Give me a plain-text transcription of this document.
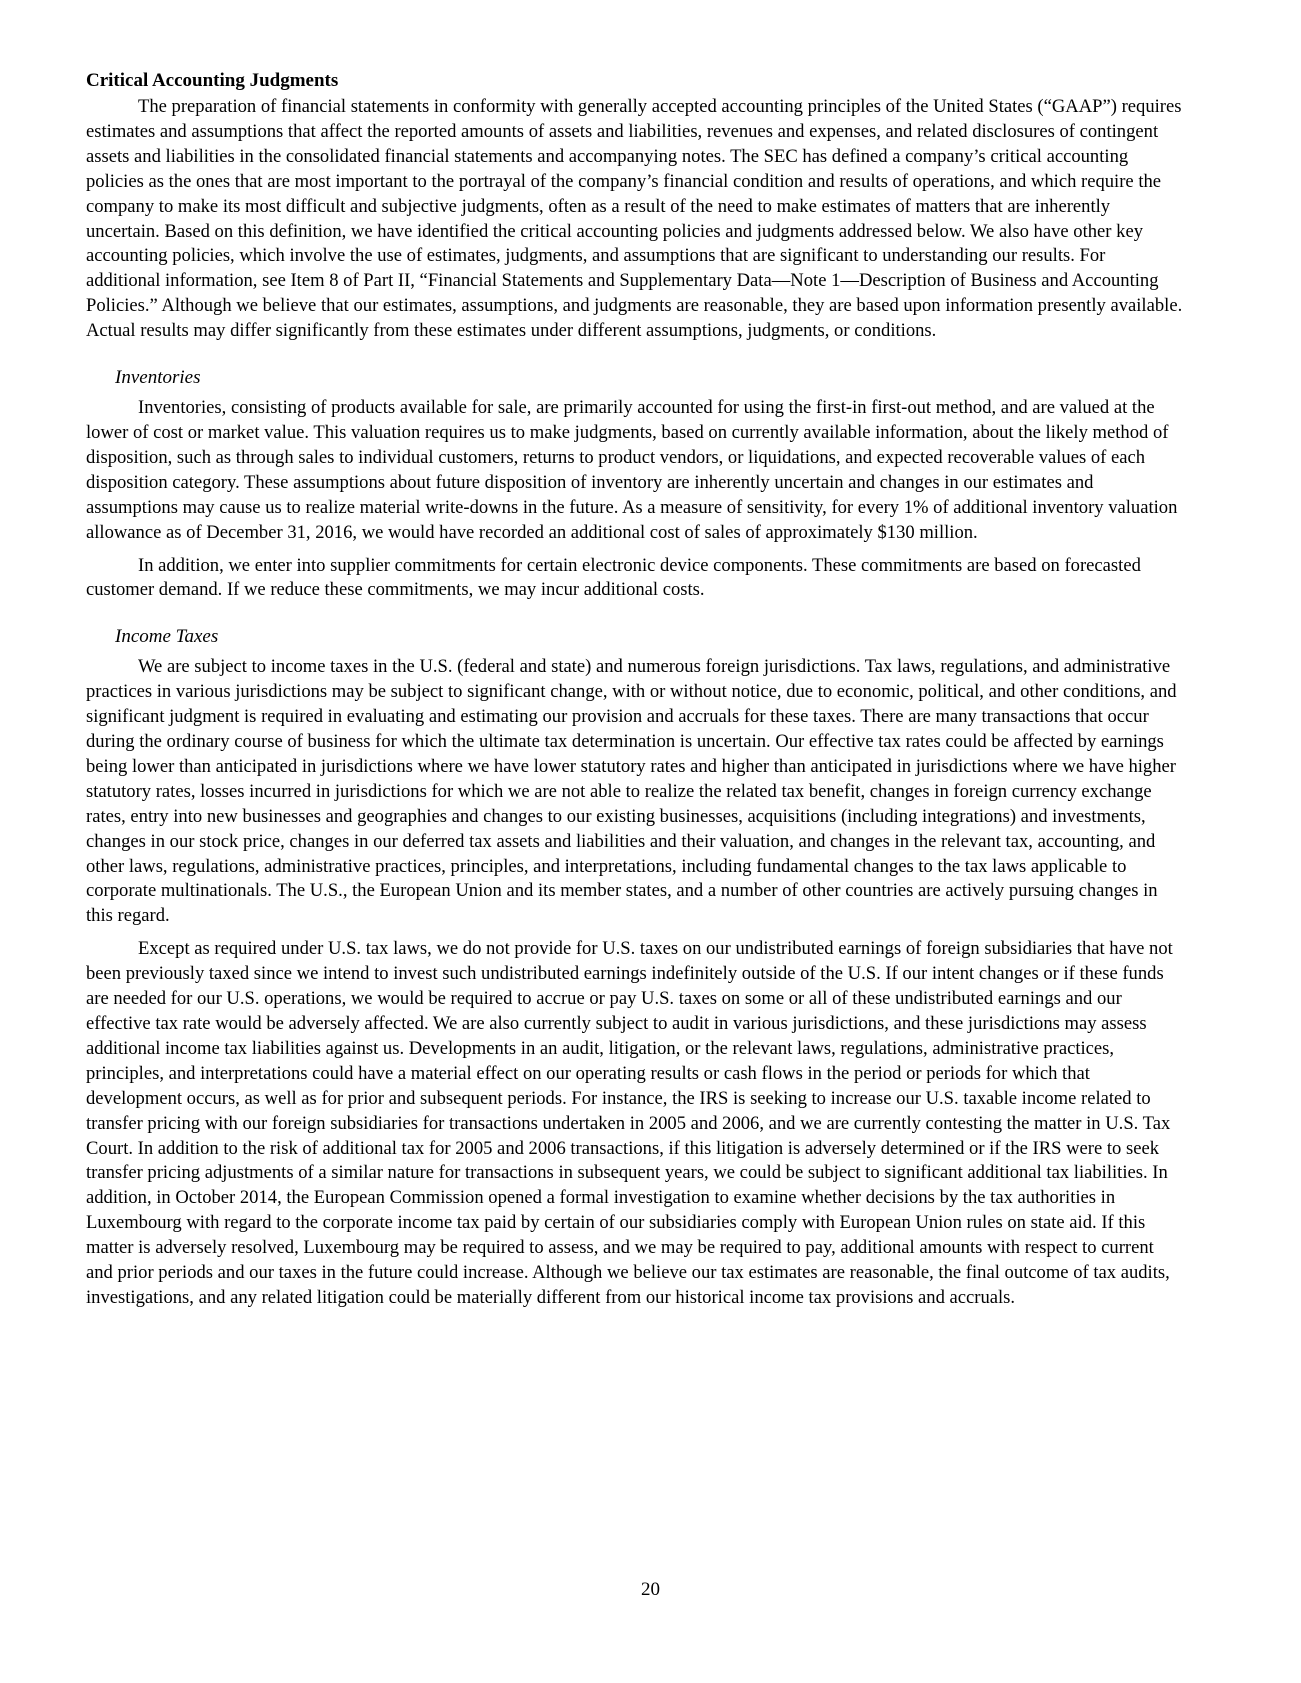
Critical Accounting Judgments

The preparation of financial statements in conformity with generally accepted accounting principles of the United States (“GAAP”) requires estimates and assumptions that affect the reported amounts of assets and liabilities, revenues and expenses, and related disclosures of contingent assets and liabilities in the consolidated financial statements and accompanying notes. The SEC has defined a company’s critical accounting policies as the ones that are most important to the portrayal of the company’s financial condition and results of operations, and which require the company to make its most difficult and subjective judgments, often as a result of the need to make estimates of matters that are inherently uncertain. Based on this definition, we have identified the critical accounting policies and judgments addressed below. We also have other key accounting policies, which involve the use of estimates, judgments, and assumptions that are significant to understanding our results. For additional information, see Item 8 of Part II, “Financial Statements and Supplementary Data—Note 1—Description of Business and Accounting Policies.” Although we believe that our estimates, assumptions, and judgments are reasonable, they are based upon information presently available. Actual results may differ significantly from these estimates under different assumptions, judgments, or conditions.

Inventories

Inventories, consisting of products available for sale, are primarily accounted for using the first-in first-out method, and are valued at the lower of cost or market value. This valuation requires us to make judgments, based on currently available information, about the likely method of disposition, such as through sales to individual customers, returns to product vendors, or liquidations, and expected recoverable values of each disposition category. These assumptions about future disposition of inventory are inherently uncertain and changes in our estimates and assumptions may cause us to realize material write-downs in the future. As a measure of sensitivity, for every 1% of additional inventory valuation allowance as of December 31, 2016, we would have recorded an additional cost of sales of approximately $130 million.

In addition, we enter into supplier commitments for certain electronic device components. These commitments are based on forecasted customer demand. If we reduce these commitments, we may incur additional costs.

Income Taxes

We are subject to income taxes in the U.S. (federal and state) and numerous foreign jurisdictions. Tax laws, regulations, and administrative practices in various jurisdictions may be subject to significant change, with or without notice, due to economic, political, and other conditions, and significant judgment is required in evaluating and estimating our provision and accruals for these taxes. There are many transactions that occur during the ordinary course of business for which the ultimate tax determination is uncertain. Our effective tax rates could be affected by earnings being lower than anticipated in jurisdictions where we have lower statutory rates and higher than anticipated in jurisdictions where we have higher statutory rates, losses incurred in jurisdictions for which we are not able to realize the related tax benefit, changes in foreign currency exchange rates, entry into new businesses and geographies and changes to our existing businesses, acquisitions (including integrations) and investments, changes in our stock price, changes in our deferred tax assets and liabilities and their valuation, and changes in the relevant tax, accounting, and other laws, regulations, administrative practices, principles, and interpretations, including fundamental changes to the tax laws applicable to corporate multinationals. The U.S., the European Union and its member states, and a number of other countries are actively pursuing changes in this regard.

Except as required under U.S. tax laws, we do not provide for U.S. taxes on our undistributed earnings of foreign subsidiaries that have not been previously taxed since we intend to invest such undistributed earnings indefinitely outside of the U.S. If our intent changes or if these funds are needed for our U.S. operations, we would be required to accrue or pay U.S. taxes on some or all of these undistributed earnings and our effective tax rate would be adversely affected. We are also currently subject to audit in various jurisdictions, and these jurisdictions may assess additional income tax liabilities against us. Developments in an audit, litigation, or the relevant laws, regulations, administrative practices, principles, and interpretations could have a material effect on our operating results or cash flows in the period or periods for which that development occurs, as well as for prior and subsequent periods. For instance, the IRS is seeking to increase our U.S. taxable income related to transfer pricing with our foreign subsidiaries for transactions undertaken in 2005 and 2006, and we are currently contesting the matter in U.S. Tax Court. In addition to the risk of additional tax for 2005 and 2006 transactions, if this litigation is adversely determined or if the IRS were to seek transfer pricing adjustments of a similar nature for transactions in subsequent years, we could be subject to significant additional tax liabilities. In addition, in October 2014, the European Commission opened a formal investigation to examine whether decisions by the tax authorities in Luxembourg with regard to the corporate income tax paid by certain of our subsidiaries comply with European Union rules on state aid. If this matter is adversely resolved, Luxembourg may be required to assess, and we may be required to pay, additional amounts with respect to current and prior periods and our taxes in the future could increase. Although we believe our tax estimates are reasonable, the final outcome of tax audits, investigations, and any related litigation could be materially different from our historical income tax provisions and accruals.

20
